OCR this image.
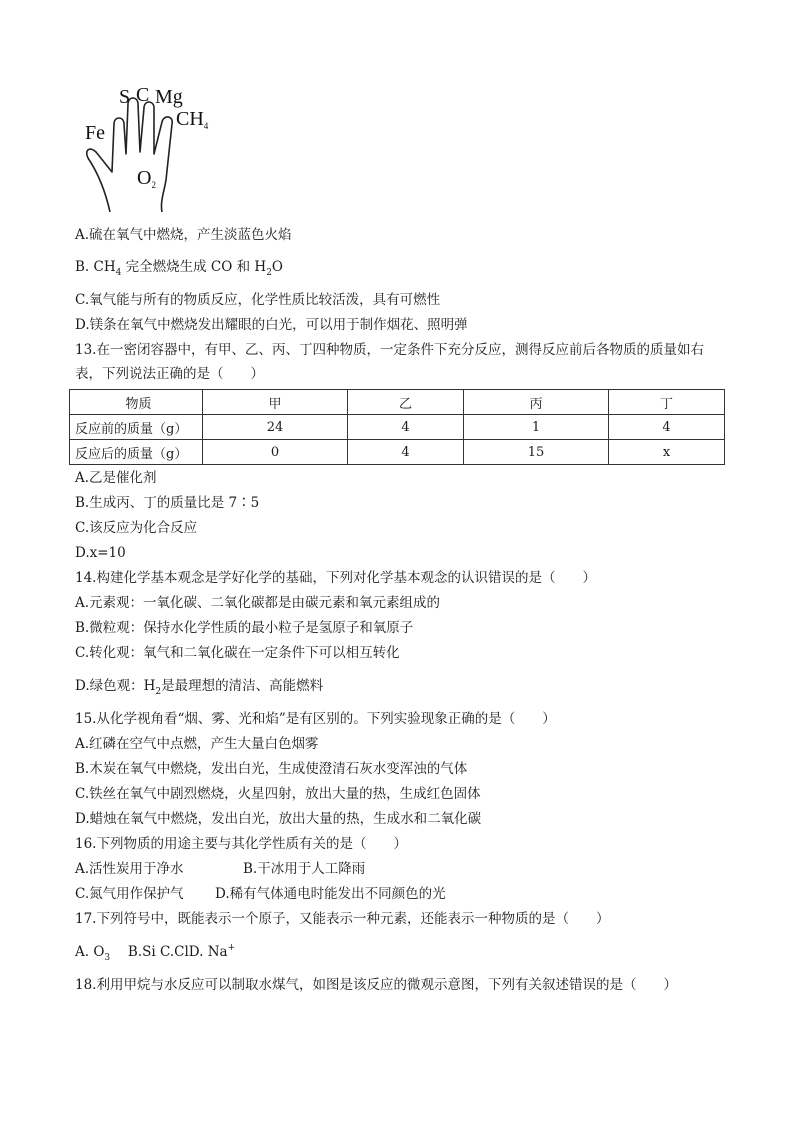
S C Mg
$CH_4$
Fe
$O_2$
A.硫在氧气中燃烧，产生淡蓝色火焰
B. $CH_4$ 完全燃烧生成 CO 和 $H_2O$
C.氧气能与所有的物质反应，化学性质比较活泼，具有可燃性
D.镁条在氧气中燃烧发出耀眼的白光，可以用于制作烟花、照明弹
13.在一密闭容器中，有甲、乙、丙、丁四种物质，一定条件下充分反应，测得反应前后各物质的质量如右
表，下列说法正确的是（　　）
物质	甲	乙	丙	丁
反应前的质量（g）	24	4	1	4
反应后的质量（g）	0	4	15	x
A.乙是催化剂
B.生成丙、丁的质量比是 7∶5
C.该反应为化合反应
D.x=10
14.构建化学基本观念是学好化学的基础，下列对化学基本观念的认识错误的是（　　）
A.元素观：一氧化碳、二氧化碳都是由碳元素和氧元素组成的
B.微粒观：保持水化学性质的最小粒子是氢原子和氧原子
C.转化观：氧气和二氧化碳在一定条件下可以相互转化
D.绿色观：$H_2$是最理想的清洁、高能燃料
15.从化学视角看“烟、雾、光和焰”是有区别的。下列实验现象正确的是（　　）
A.红磷在空气中点燃，产生大量白色烟雾
B.木炭在氧气中燃烧，发出白光，生成使澄清石灰水变浑浊的气体
C.铁丝在氧气中剧烈燃烧，火星四射，放出大量的热，生成红色固体
D.蜡烛在氧气中燃烧，发出白光，放出大量的热，生成水和二氧化碳
16.下列物质的用途主要与其化学性质有关的是（　　）
A.活性炭用于净水	B.干冰用于人工降雨
C.氮气用作保护气 D.稀有气体通电时能发出不同颜色的光
17.下列符号中，既能表示一个原子，又能表示一种元素，还能表示一种物质的是（　　）
A. $O_3$　 B.Si C.ClD. Na+
18.利用甲烷与水反应可以制取水煤气，如图是该反应的微观示意图，下列有关叙述错误的是（　　）
